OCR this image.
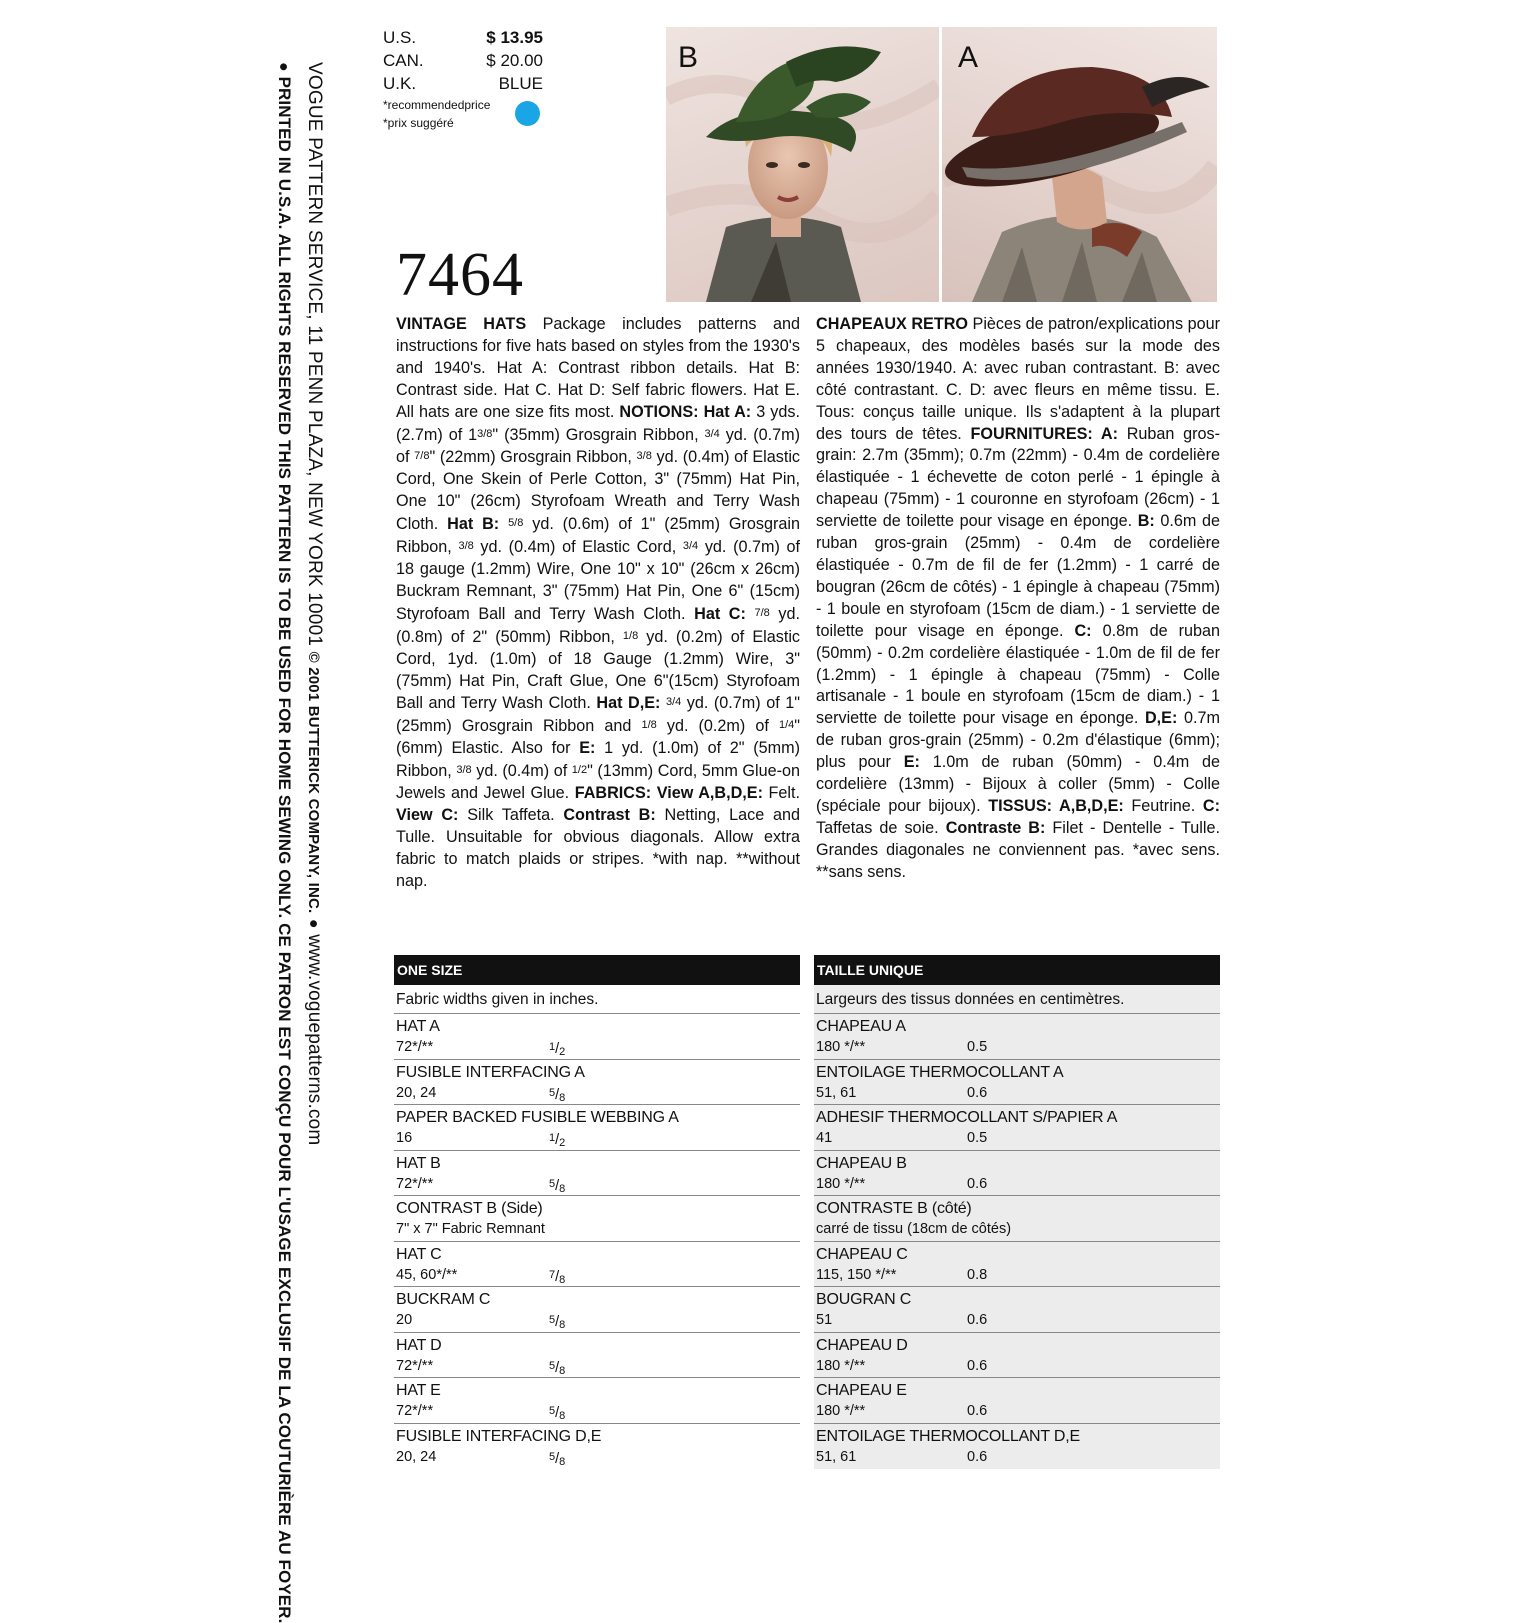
VOGUE PATTERN SERVICE, 11 PENN PLAZA, NEW YORK 10001 © 2001 BUTTERICK COMPANY, INC. ● www.voguepatterns.com
● PRINTED IN U.S.A. ALL RIGHTS RESERVED THIS PATTERN IS TO BE USED FOR HOME SEWING ONLY. CE PATRON EST CONÇU POUR L'USAGE EXCLUSIF DE LA COUTURIÈRE AU FOYER.
U.S.	$ 13.95
CAN.	$ 20.00
U.K.	BLUE
*recommendedprice
*prix suggéré
7464
B	A
VINTAGE HATS Package includes patterns and instructions for five hats based on styles from the 1930's and 1940's. Hat A: Contrast ribbon details. Hat B: Contrast side. Hat C. Hat D: Self fabric flowers. Hat E. All hats are one size fits most. NOTIONS: Hat A: 3 yds. (2.7m) of 13/8" (35mm) Grosgrain Ribbon, 3/4 yd. (0.7m) of 7/8" (22mm) Grosgrain Ribbon, 3/8 yd. (0.4m) of Elastic Cord, One Skein of Perle Cotton, 3" (75mm) Hat Pin, One 10" (26cm) Styrofoam Wreath and Terry Wash Cloth. Hat B: 5/8 yd. (0.6m) of 1" (25mm) Grosgrain Ribbon, 3/8 yd. (0.4m) of Elastic Cord, 3/4 yd. (0.7m) of 18 gauge (1.2mm) Wire, One 10" x 10" (26cm x 26cm) Buckram Remnant, 3" (75mm) Hat Pin, One 6" (15cm) Styrofoam Ball and Terry Wash Cloth. Hat C: 7/8 yd. (0.8m) of 2" (50mm) Ribbon, 1/8 yd. (0.2m) of Elastic Cord, 1yd. (1.0m) of 18 Gauge (1.2mm) Wire, 3" (75mm) Hat Pin, Craft Glue, One 6"(15cm) Styrofoam Ball and Terry Wash Cloth. Hat D,E: 3/4 yd. (0.7m) of 1" (25mm) Grosgrain Ribbon and 1/8 yd. (0.2m) of 1/4" (6mm) Elastic. Also for E: 1 yd. (1.0m) of 2" (5mm) Ribbon, 3/8 yd. (0.4m) of 1/2" (13mm) Cord, 5mm Glue-on Jewels and Jewel Glue. FABRICS: View A,B,D,E: Felt. View C: Silk Taffeta. Contrast B: Netting, Lace and Tulle. Unsuitable for obvious diagonals. Allow extra fabric to match plaids or stripes. *with nap. **without nap.
CHAPEAUX RETRO Pièces de patron/explications pour 5 chapeaux, des modèles basés sur la mode des années 1930/1940. A: avec ruban contrastant. B: avec côté contrastant. C. D: avec fleurs en même tissu. E. Tous: conçus taille unique. Ils s'adaptent à la plupart des tours de têtes. FOURNITURES: A: Ruban gros-grain: 2.7m (35mm); 0.7m (22mm) - 0.4m de cordelière élastiquée - 1 échevette de coton perlé - 1 épingle à chapeau (75mm) - 1 couronne en styrofoam (26cm) - 1 serviette de toilette pour visage en éponge. B: 0.6m de ruban gros-grain (25mm) - 0.4m de cordelière élastiquée - 0.7m de fil de fer (1.2mm) - 1 carré de bougran (26cm de côtés) - 1 épingle à chapeau (75mm) - 1 boule en styrofoam (15cm de diam.) - 1 serviette de toilette pour visage en éponge. C: 0.8m de ruban (50mm) - 0.2m cordelière élastiquée - 1.0m de fil de fer (1.2mm) - 1 épingle à chapeau (75mm) - Colle artisanale - 1 boule en styrofoam (15cm de diam.) - 1 serviette de toilette pour visage en éponge. D,E: 0.7m de ruban gros-grain (25mm) - 0.2m d'élastique (6mm); plus pour E: 1.0m de ruban (50mm) - 0.4m de cordelière (13mm) - Bijoux à coller (5mm) - Colle (spéciale pour bijoux). TISSUS: A,B,D,E: Feutrine. C: Taffetas de soie. Contraste B: Filet - Dentelle - Tulle. Grandes diagonales ne conviennent pas. *avec sens. **sans sens.
ONE SIZE
Fabric widths given in inches.
HAT A
72*/**	$^1$/2
FUSIBLE INTERFACING A
20, 24	$^5$/8
PAPER BACKED FUSIBLE WEBBING A
16	$^1$/2
HAT B
72*/**	$^5$/8
CONTRAST B (Side)
7" x 7" Fabric Remnant
HAT C
45, 60*/**	$^7$/8
BUCKRAM C
20	$^5$/8
HAT D
72*/**	$^5$/8
HAT E
72*/**	$^5$/8
FUSIBLE INTERFACING D,E
20, 24	$^5$/8
TAILLE UNIQUE
Largeurs des tissus données en centimètres.
CHAPEAU A
180 */**	0.5
ENTOILAGE THERMOCOLLANT A
51, 61	0.6
ADHESIF THERMOCOLLANT S/PAPIER A
41	0.5
CHAPEAU B
180 */**	0.6
CONTRASTE B (côté)
carré de tissu (18cm de côtés)
CHAPEAU C
115, 150 */**	0.8
BOUGRAN C
51	0.6
CHAPEAU D
180 */**	0.6
CHAPEAU E
180 */**	0.6
ENTOILAGE THERMOCOLLANT D,E
51, 61	0.6
